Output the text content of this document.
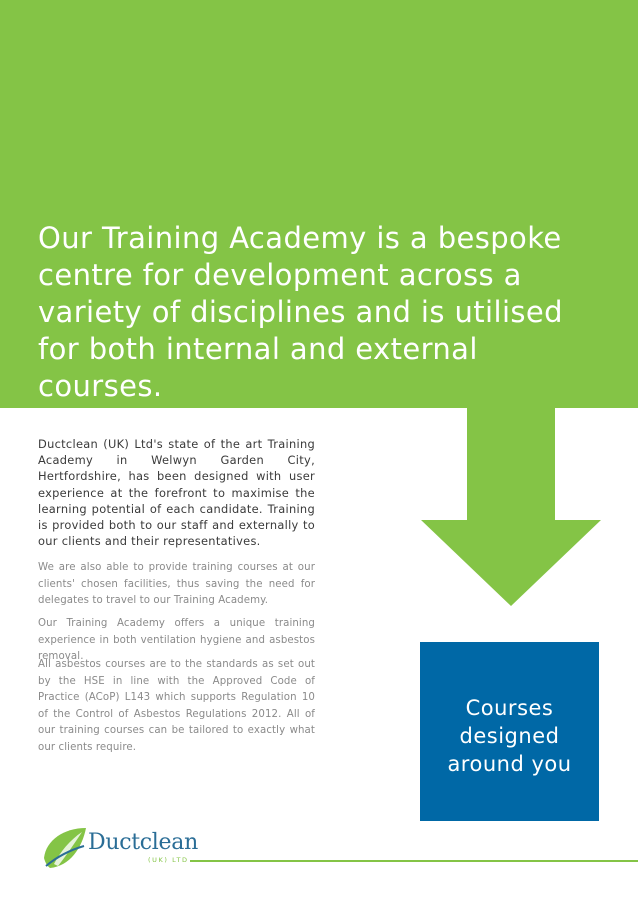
Our Training Academy is a bespoke centre for development across a variety of disciplines and is utilised for both internal and external courses.

Ductclean (UK) Ltd's state of the art Training Academy in Welwyn Garden City, Hertfordshire, has been designed with user experience at the forefront to maximise the learning potential of each candidate. Training is provided both to our staff and externally to our clients and their representatives.

We are also able to provide training courses at our clients' chosen facilities, thus saving the need for delegates to travel to our Training Academy.

Our Training Academy offers a unique training experience in both ventilation hygiene and asbestos removal.

All asbestos courses are to the standards as set out by the HSE in line with the Approved Code of Practice (ACoP) L143 which supports Regulation 10 of the Control of Asbestos Regulations 2012. All of our training courses can be tailored to exactly what our clients require.

Courses
designed
around you

Ductclean
(UK) LTD
